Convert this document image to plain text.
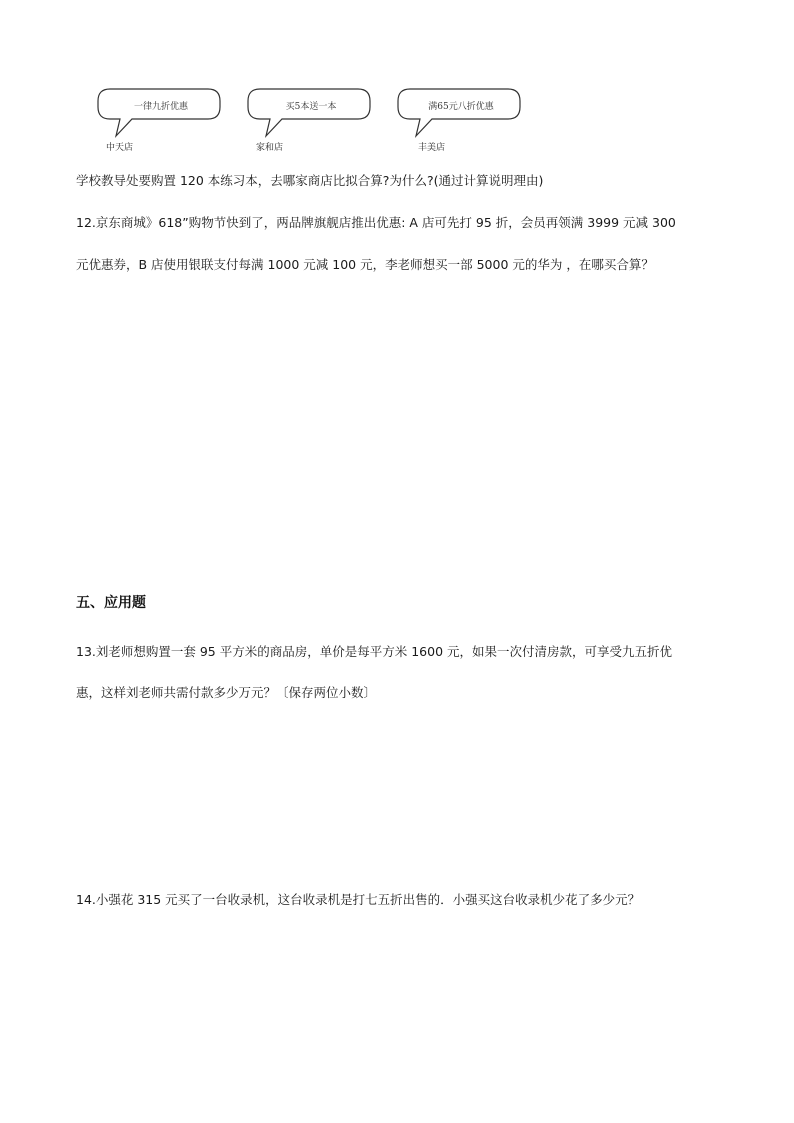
一律九折优惠
中天店
买5本送一本
家和店
满65元八折优惠
丰美店
学校教导处要购置 120 本练习本，去哪家商店比拟合算?为什么?(通过计算说明理由)
12.京东商城》618”购物节快到了，两品牌旗舰店推出优惠: A 店可先打 95 折，会员再领满 3999 元减 300
元优惠券，B 店使用银联支付每满 1000 元减 100 元，李老师想买一部 5000 元的华为 ，在哪买合算？
五、应用题
13.刘老师想购置一套 95 平方米的商品房，单价是每平方米 1600 元，如果一次付清房款，可享受九五折优
惠，这样刘老师共需付款多少万元？〔保存两位小数〕
14.小强花 315 元买了一台收录机，这台收录机是打七五折出售的．小强买这台收录机少花了多少元？
